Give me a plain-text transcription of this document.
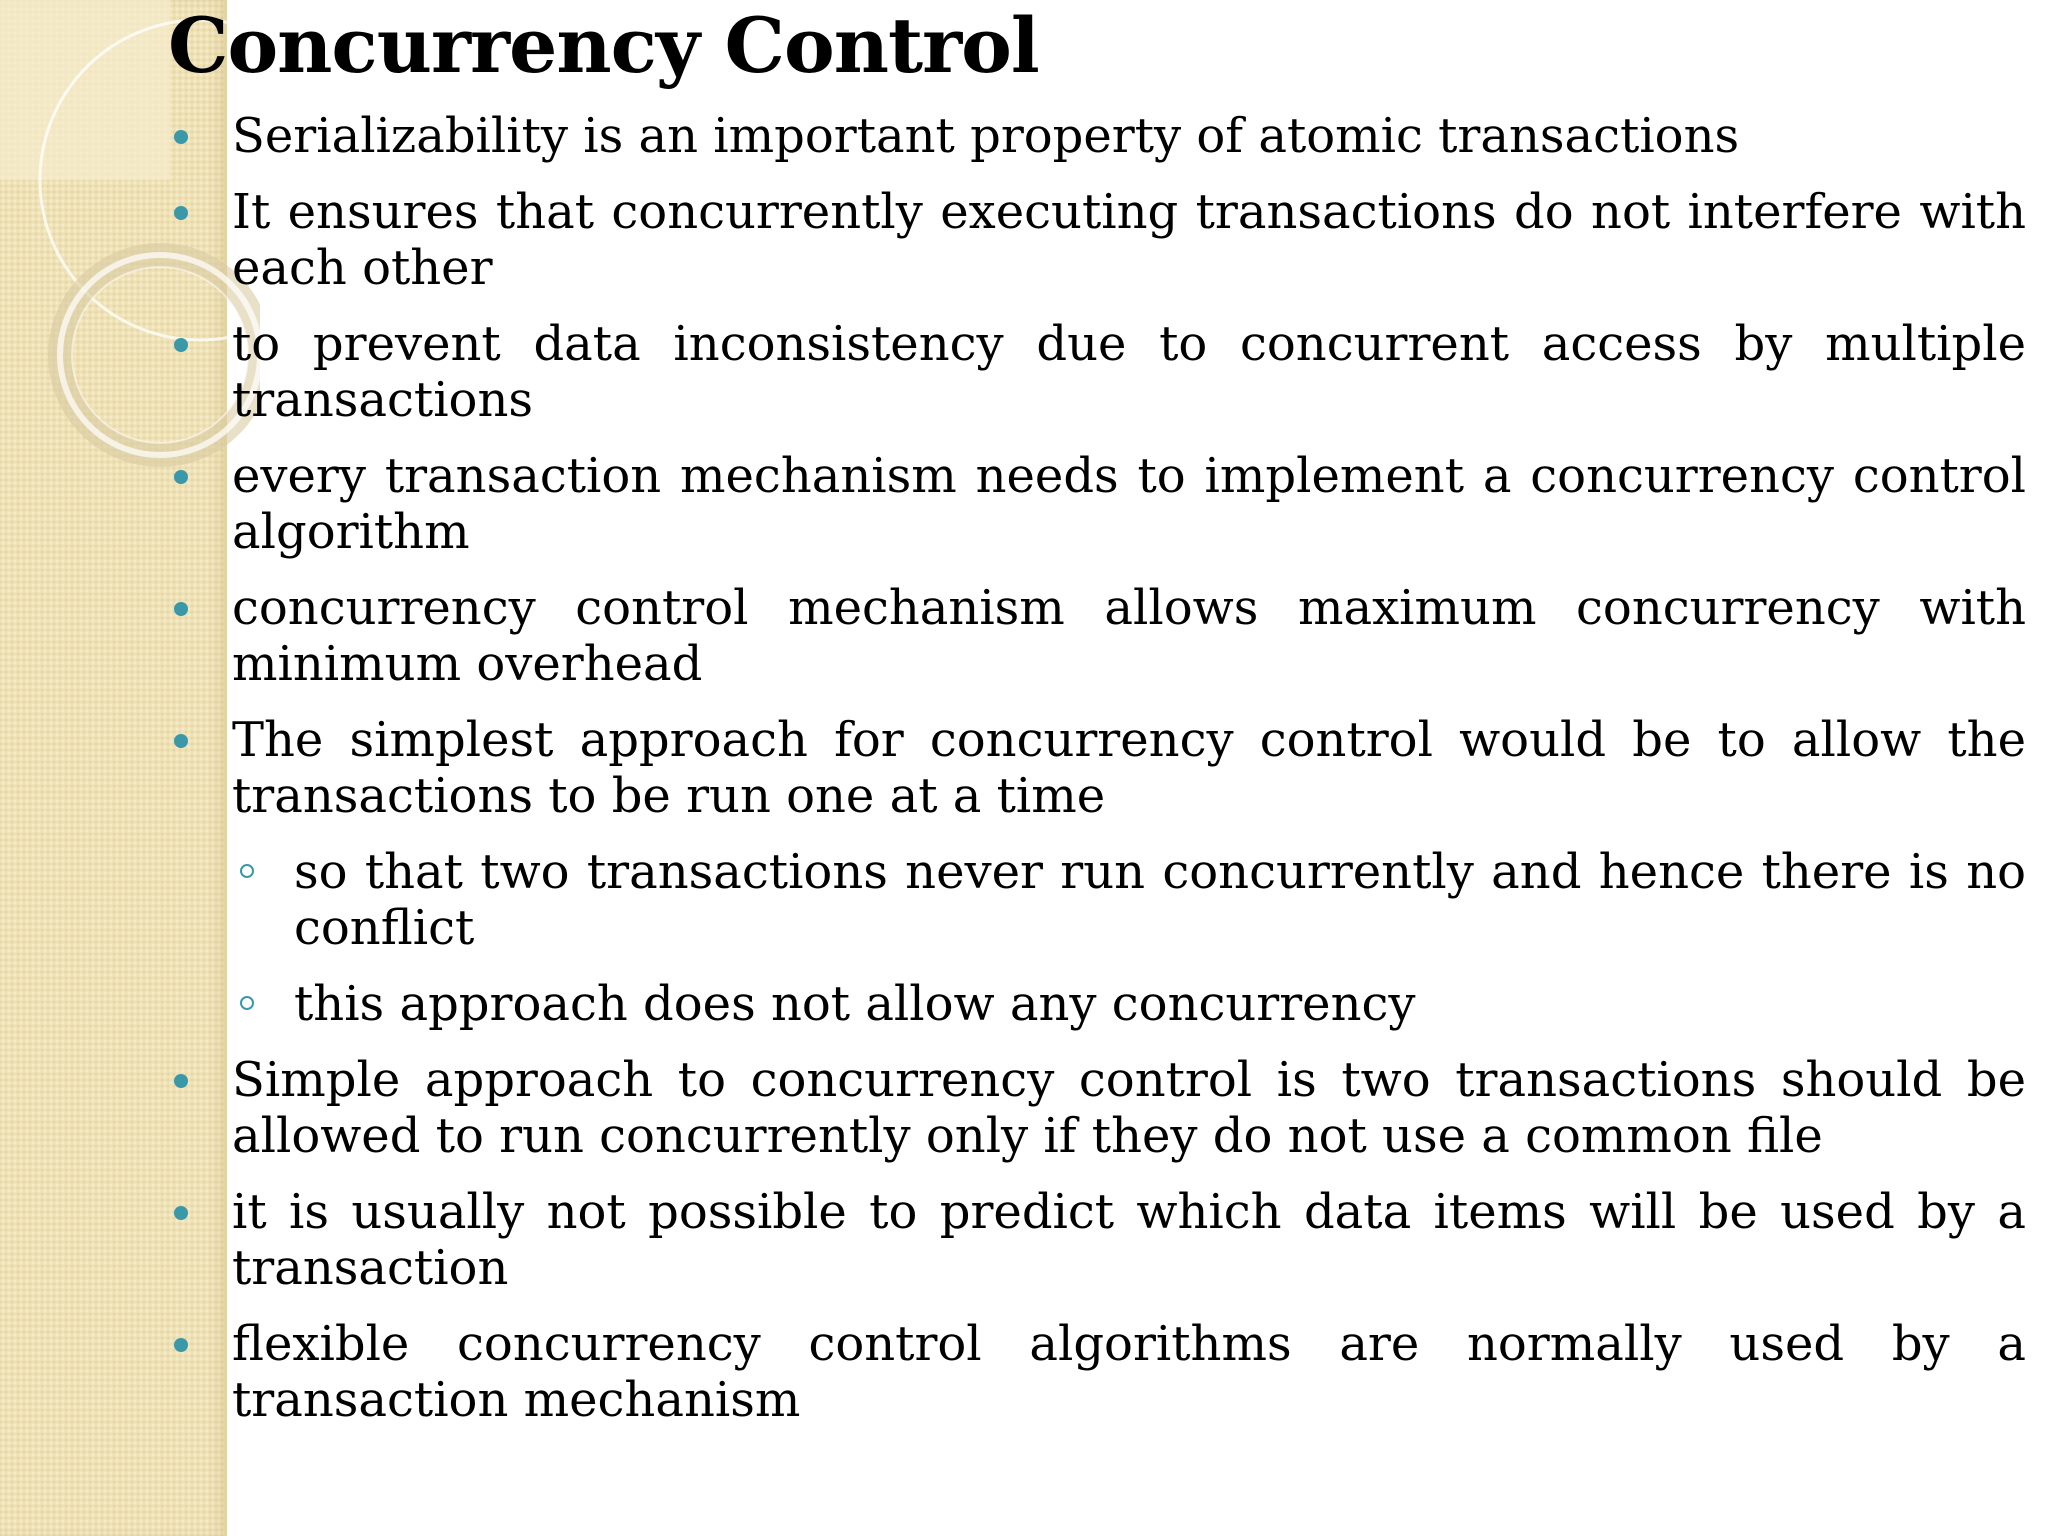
Concurrency Control
Serializability is an important property of atomic transactions
It ensures that concurrently executing transactions do not interfere with each other
to prevent data inconsistency due to concurrent access by multiple transactions
every transaction mechanism needs to implement a concurrency control algorithm
concurrency control mechanism allows maximum concurrency with minimum overhead
The simplest approach for concurrency control would be to allow the transactions to be run one at a time
so that two transactions never run concurrently and hence there is no conflict
this approach does not allow any concurrency
Simple approach to concurrency control is two transactions should be allowed to run concurrently only if they do not use a common file
it is usually not possible to predict which data items will be used by a transaction
flexible concurrency control algorithms are normally used by a transaction mechanism
